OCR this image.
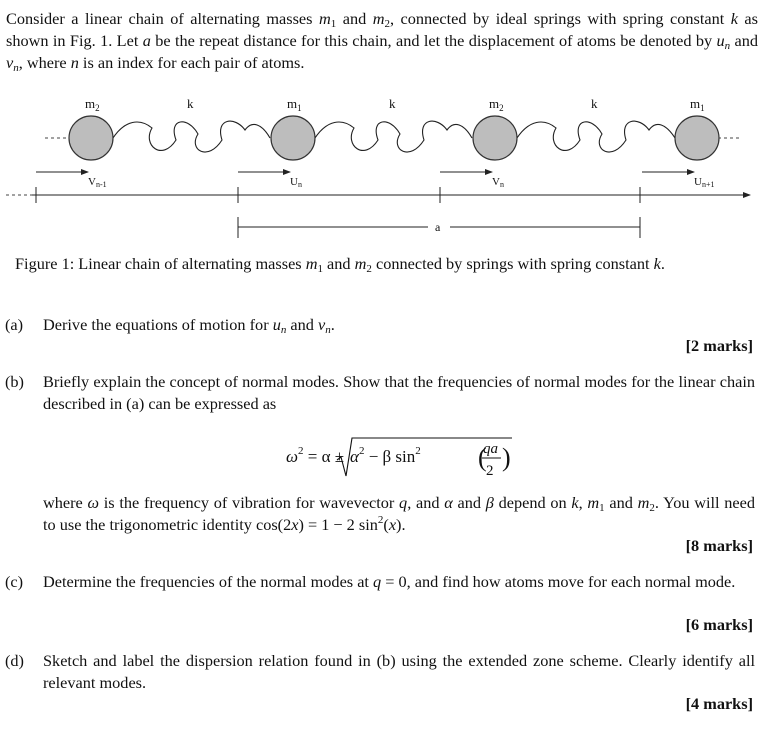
Consider a linear chain of alternating masses $m_1$ and $m_2$, connected by ideal springs with spring constant k as shown in Fig. 1. Let a be the repeat distance for this chain, and let the displacement of atoms be denoted by $u_n$ and $v_n$, where n is an index for each pair of atoms.
$m_2$	$m_1$	$m_2$	$m_1$
k	k	k
Vn-1	Un	Vn	Un+1
a
Figure 1: Linear chain of alternating masses $m_1$ and $m_2$ connected by springs with spring constant k.
(a) Derive the equations of motion for $u_n$ and $v_n$.
[2 marks]
(b) Briefly explain the concept of normal modes. Show that the frequencies of normal modes for the linear chain described in (a) can be expressed as
$\omega^2 = \alpha \pm \alpha^2 - \beta$ $\sin^2$ (
qa
2 )
where ω is the frequency of vibration for wavevector q, and α and β depend on k, $m_1$ and $m_2$. You will need to use the trigonometric identity cos(2x) = 1 − 2 $\sin^2(x)$.
[8 marks]
(c) Determine the frequencies of the normal modes at q = 0, and find how atoms move for each normal mode.
[6 marks]
(d) Sketch and label the dispersion relation found in (b) using the extended zone scheme. Clearly identify all relevant modes.
[4 marks]
